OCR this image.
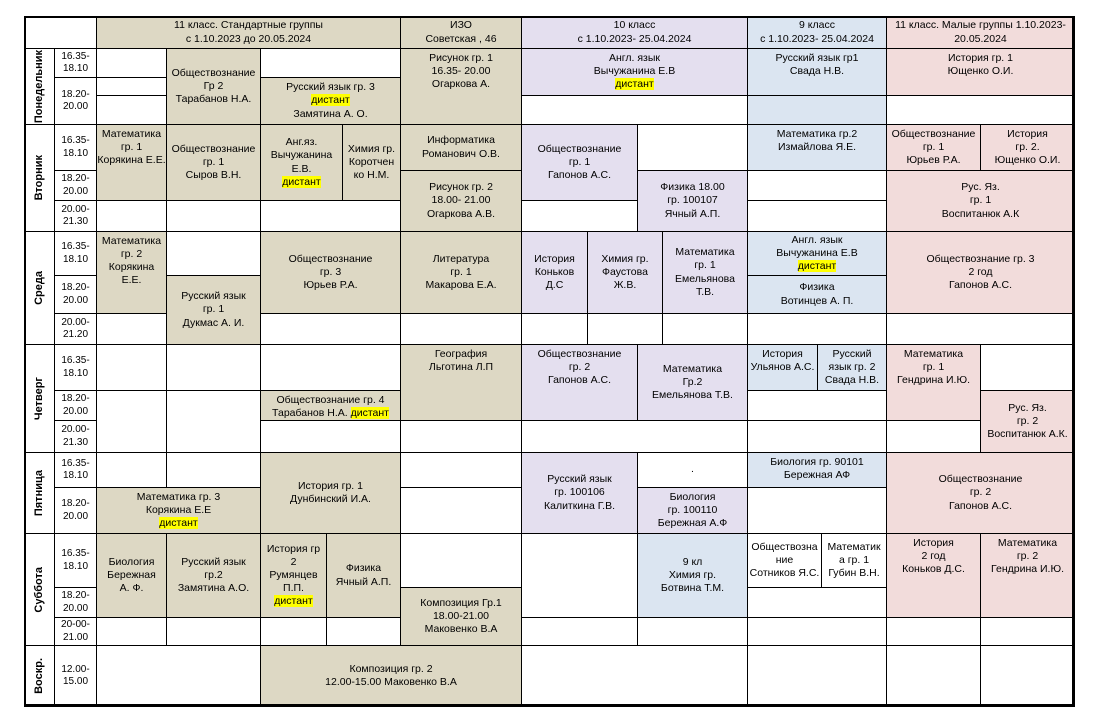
11 класс. Стандартные группы
с 1.10.2023 до 20.05.2024
ИЗО
Советская , 46
10 класс
с 1.10.2023- 25.04.2024
9 класс
с 1.10.2023- 25.04.2024
11 класс. Малые группы 1.10.2023-
20.05.2024
Понедельник 16.35-
18.10
18.20-
20.00
Обществознание
Гр 2
Тарабанов Н.А.
Русский язык гр. 3
дистант
Замятина А. О.
Рисунок гр. 1
16.35- 20.00
Огаркова А.
Англ. язык
Вычужанина Е.В
дистант
Русский язык гр1
Свада Н.В.
История гр. 1
Ющенко О.И.
Вторник
16.35-
18.10
18.20-
20.00
20.00-
21.30
Математика
гр. 1
Корякина Е.Е.
Обществознание
гр. 1
Сыров В.Н.
Анг.яз.
Вычужанина
Е.В.
дистант
Химия гр.
Коротчен
ко Н.М.
Информатика
Романович О.В.
Рисунок гр. 2
18.00- 21.00
Огаркова А.В.
Обществознание
гр. 1
Гапонов А.С.
Физика 18.00
гр. 100107
Ячный А.П.
Математика гр.2
Измайлова Я.Е.
Обществознание
гр. 1
Юрьев Р.А.
История
гр. 2.
Ющенко О.И.
Рус. Яз.
гр. 1
Воспитанюк А.К
Среда
16.35-
18.10
18.20-
20.00
20.00-
21.20
Математика
гр. 2
Корякина
Е.Е.
Русский язык
гр. 1
Дукмас А. И.
Обществознание
гр. 3
Юрьев Р.А.
Литература
гр. 1
Макарова Е.А.
История
Коньков
Д.С
Химия гр.
Фаустова
Ж.В.
Математика
гр. 1
Емельянова
Т.В.
Англ. язык
Вычужанина Е.В
дистант
Физика
Вотинцев А. П.
Обществознание гр. 3
2 год
Гапонов А.С.
Четверг
16.35-
18.10
18.20-
20.00
20.00-
21.30
Обществознание гр. 4
Тарабанов Н.А. дистант
География
Льготина Л.П
Обществознание
гр. 2
Гапонов А.С.
Математика
Гр.2
Емельянова Т.В.
История
Ульянов А.С.
Русский
язык гр. 2
Свада Н.В.
Математика
гр. 1
Гендрина И.Ю.
Рус. Яз.
гр. 2
Воспитанюк А.К.
Пятница
16.35-
18.10
18.20-
20.00
Математика гр. 3
Корякина Е.Е
дистант
История гр. 1
Дунбинский И.А.
Русский язык
гр. 100106
Калиткина Г.В.
.
Биология
гр. 100110
Бережная А.Ф
Биология гр. 90101
Бережная АФ	Обществознание
гр. 2
Гапонов А.С.
Суббота
16.35-
18.10
18.20-
20.00
20-00-
21.00
Биология
Бережная
А. Ф.
Русский язык
гр.2
Замятина А.О.
История гр
2
Румянцев
П.П.
дистант
Физика
Ячный А.П.
Композиция Гр.1
18.00-21.00
Маковенко В.А
9 кл
Химия гр.
Ботвина Т.М.
Обществозна
ние
Сотников Я.С.
Математик
а гр. 1
Губин В.Н.
История
2 год
Коньков Д.С.
Математика
гр. 2
Гендрина И.Ю.
Воскр. 12.00-
15.00
Композиция гр. 2
12.00-15.00 Маковенко В.А
